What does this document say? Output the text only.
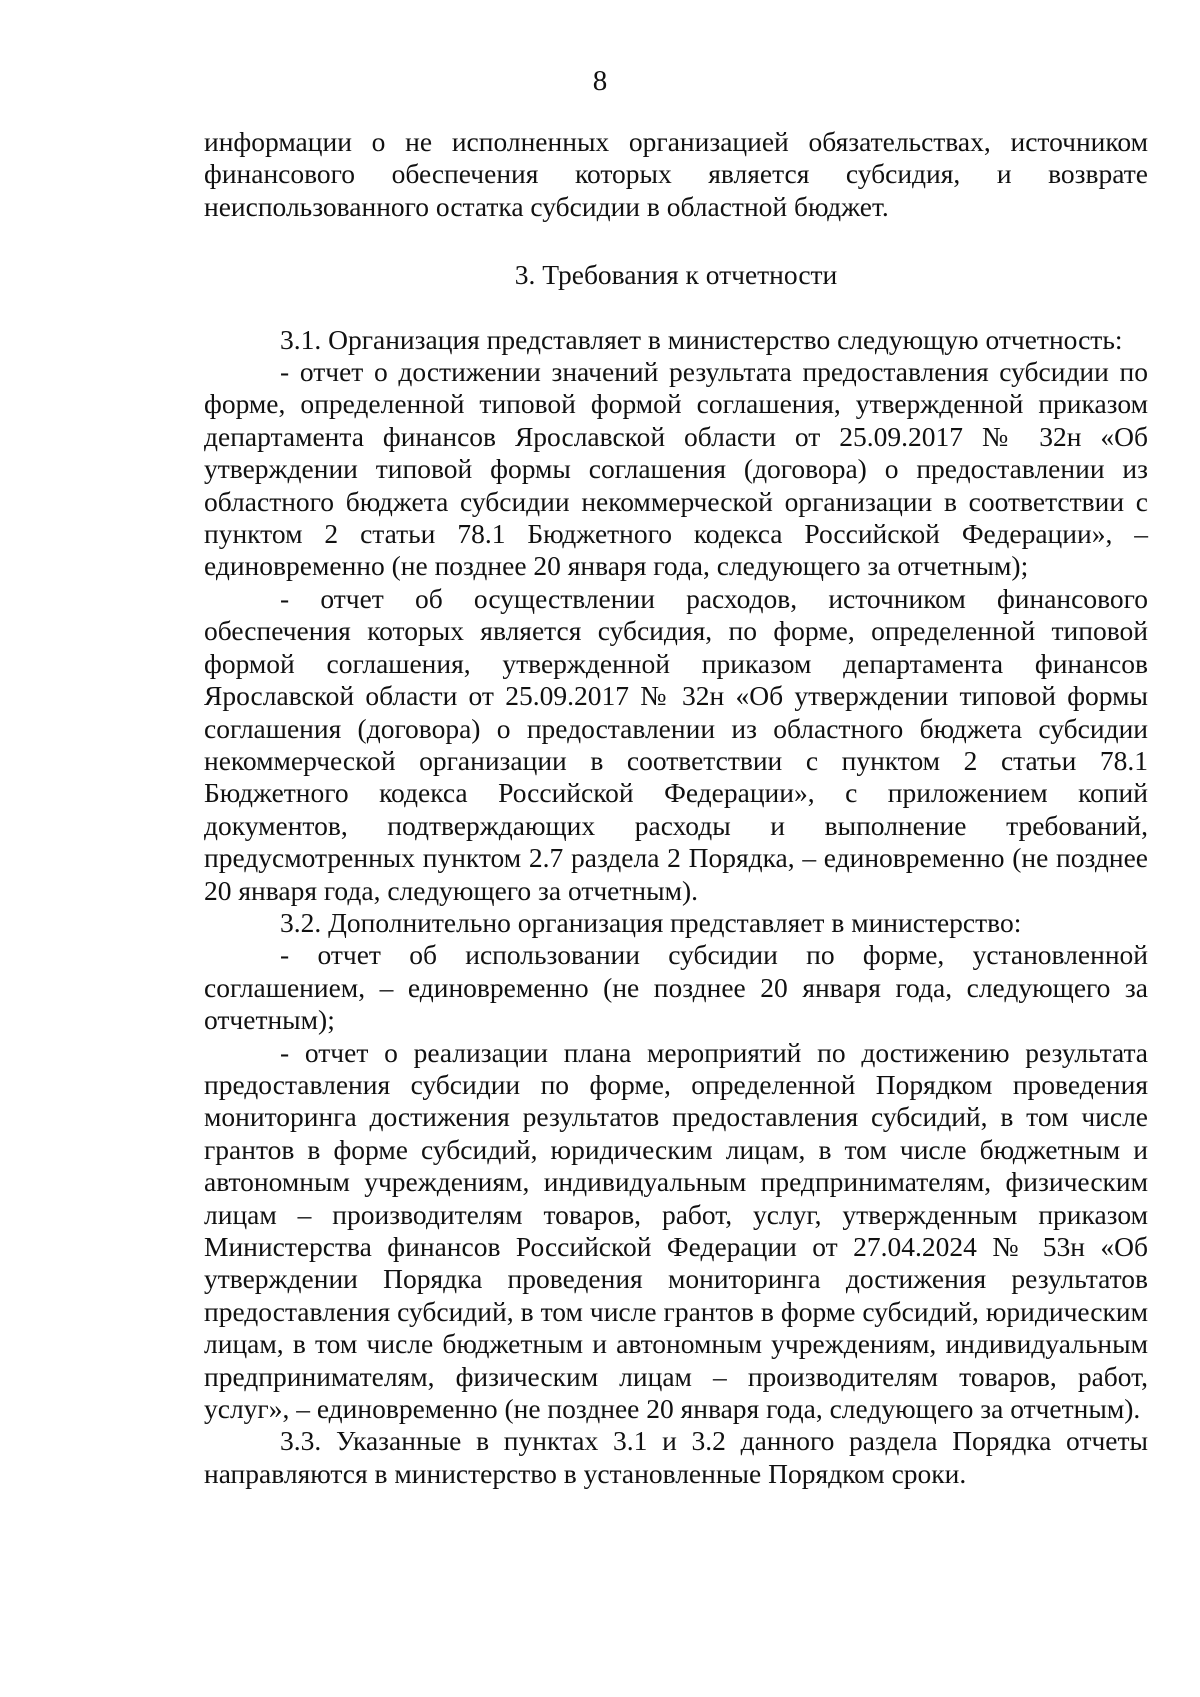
8

информации о не исполненных организацией обязательствах, источником финансового обеспечения которых является субсидия, и возврате неиспользованного остатка субсидии в областной бюджет.

3. Требования к отчетности

3.1. Организация представляет в министерство следующую отчетность:

- отчет о достижении значений результата предоставления субсидии по форме, определенной типовой формой соглашения, утвержденной приказом департамента финансов Ярославской области от 25.09.2017 № 32н «Об утверждении типовой формы соглашения (договора) о предоставлении из областного бюджета субсидии некоммерческой организации в соответствии с пунктом 2 статьи 78.1 Бюджетного кодекса Российской Федерации», – единовременно (не позднее 20 января года, следующего за отчетным);

- отчет об осуществлении расходов, источником финансового обеспечения которых является субсидия, по форме, определенной типовой формой соглашения, утвержденной приказом департамента финансов Ярославской области от 25.09.2017 № 32н «Об утверждении типовой формы соглашения (договора) о предоставлении из областного бюджета субсидии некоммерческой организации в соответствии с пунктом 2 статьи 78.1 Бюджетного кодекса Российской Федерации», с приложением копий документов, подтверждающих расходы и выполнение требований, предусмотренных пунктом 2.7 раздела 2 Порядка, – единовременно (не позднее 20 января года, следующего за отчетным).

3.2. Дополнительно организация представляет в министерство:

- отчет об использовании субсидии по форме, установленной соглашением, – единовременно (не позднее 20 января года, следующего за отчетным);

- отчет о реализации плана мероприятий по достижению результата предоставления субсидии по форме, определенной Порядком проведения мониторинга достижения результатов предоставления субсидий, в том числе грантов в форме субсидий, юридическим лицам, в том числе бюджетным и автономным учреждениям, индивидуальным предпринимателям, физическим лицам – производителям товаров, работ, услуг, утвержденным приказом Министерства финансов Российской Федерации от 27.04.2024 № 53н «Об утверждении Порядка проведения мониторинга достижения результатов предоставления субсидий, в том числе грантов в форме субсидий, юридическим лицам, в том числе бюджетным и автономным учреждениям, индивидуальным предпринимателям, физическим лицам – производителям товаров, работ, услуг», – единовременно (не позднее 20 января года, следующего за отчетным).

3.3. Указанные в пунктах 3.1 и 3.2 данного раздела Порядка отчеты направляются в министерство в установленные Порядком сроки.
